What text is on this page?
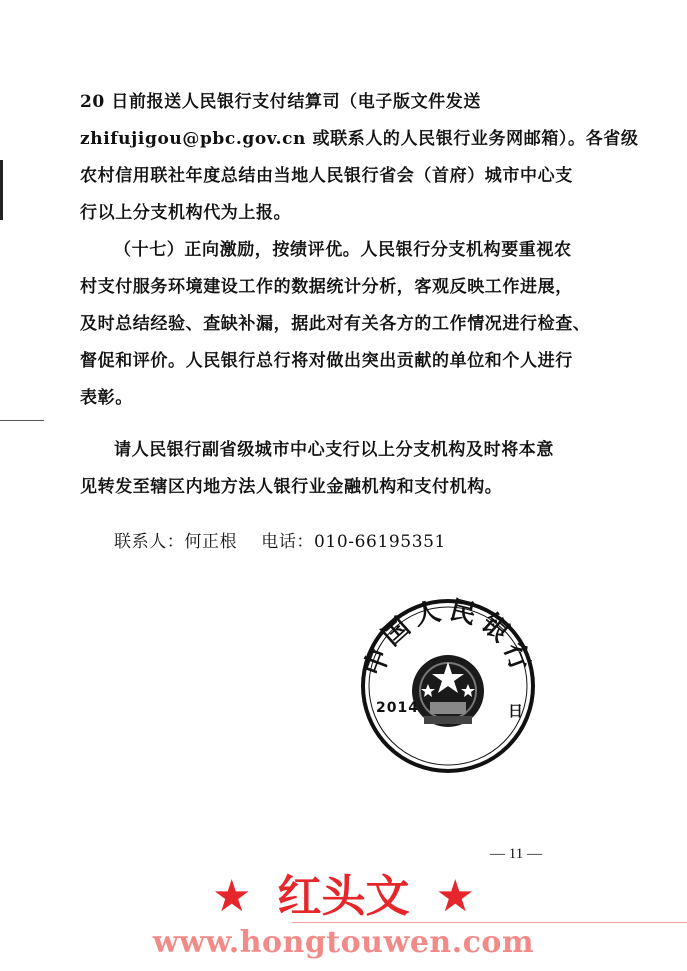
20 日前报送人民银行支付结算司（电子版文件发送
zhifujigou@pbc.gov.cn 或联系人的人民银行业务网邮箱）。各省级
农村信用联社年度总结由当地人民银行省会（首府）城市中心支
行以上分支机构代为上报。
（十七）正向激励，按绩评优。人民银行分支机构要重视农
村支付服务环境建设工作的数据统计分析，客观反映工作进展，
及时总结经验、查缺补漏，据此对有关各方的工作情况进行检查、
督促和评价。人民银行总行将对做出突出贡献的单位和个人进行
表彰。
请人民银行副省级城市中心支行以上分支机构及时将本意
见转发至辖区内地方法人银行业金融机构和支付机构。
联系人：何正根 电话：010-66195351
中国人民银行
日
2014
— 11 —
★ 红头文 ★
www.hongtouwen.com
